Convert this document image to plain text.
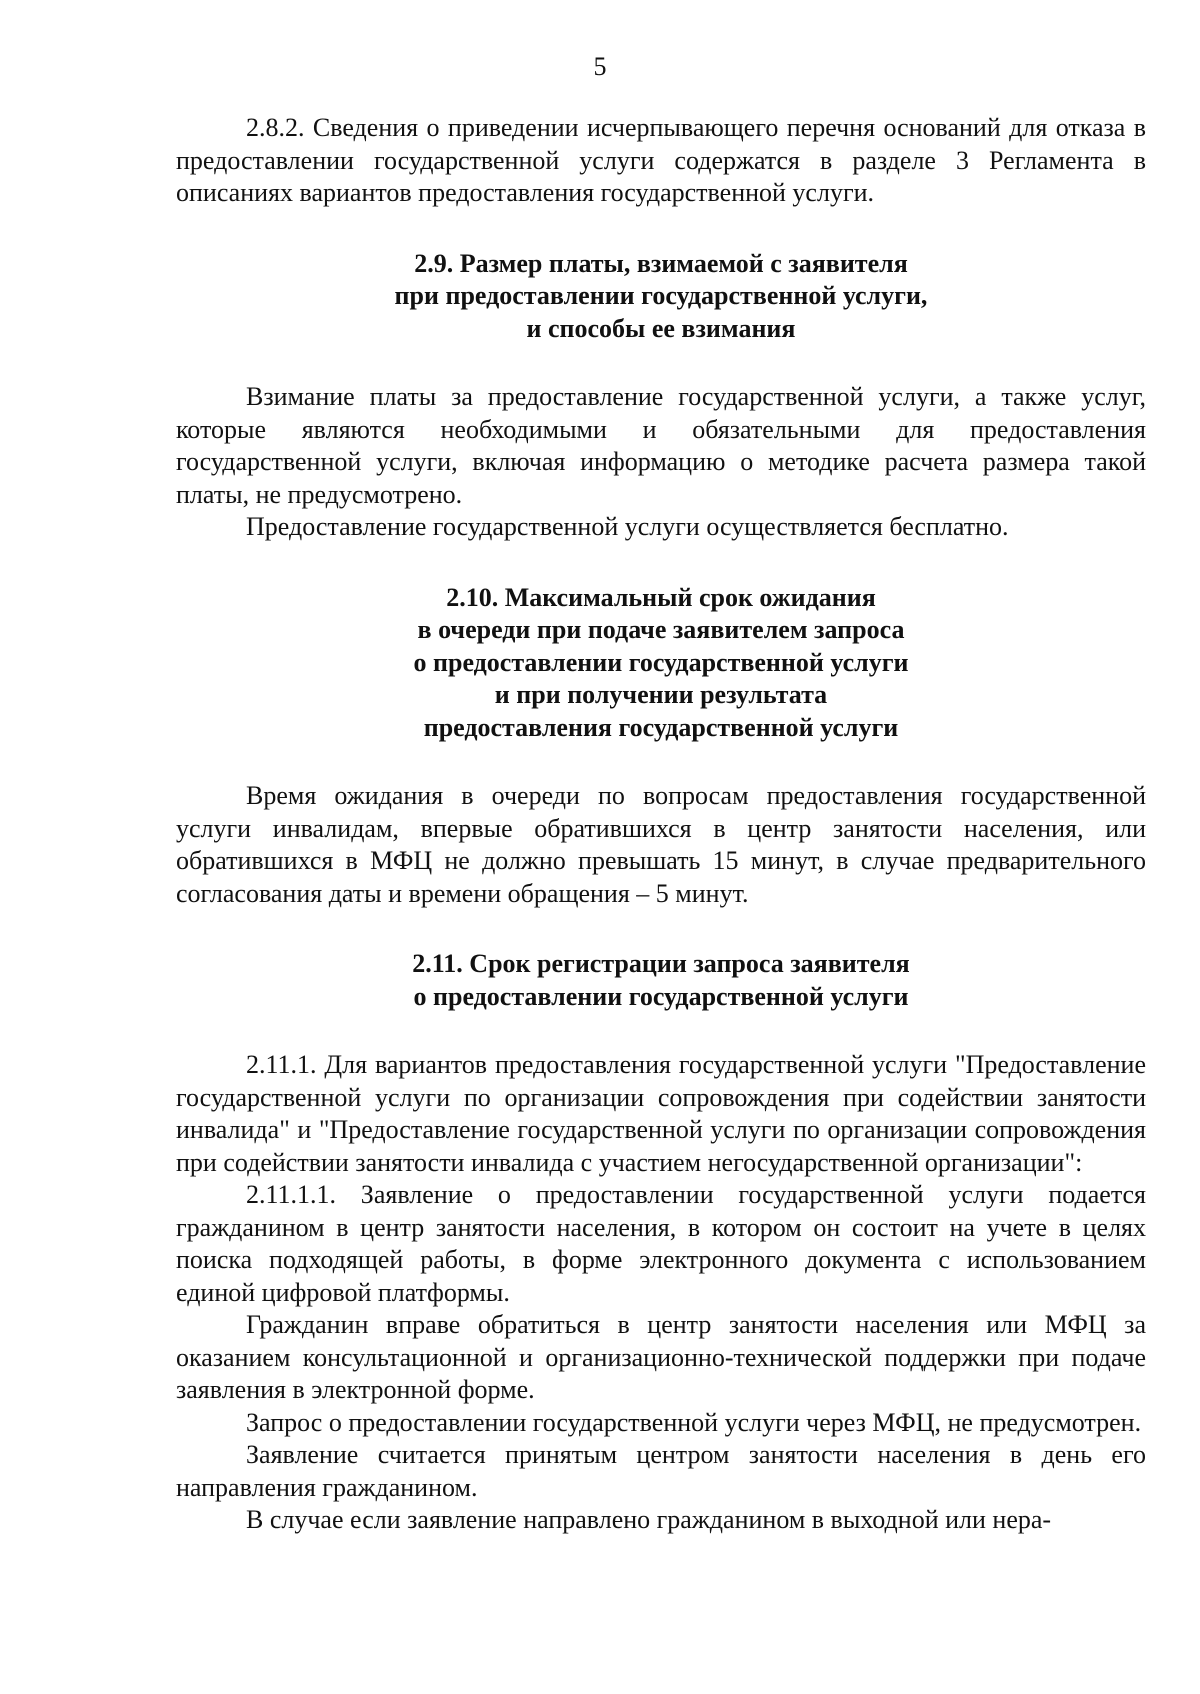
5

2.8.2. Сведения о приведении исчерпывающего перечня оснований для отказа в предоставлении государственной услуги содержатся в разделе 3 Регламента в описаниях вариантов предоставления государственной услуги.

2.9. Размер платы, взимаемой с заявителя
при предоставлении государственной услуги,
и способы ее взимания

Взимание платы за предоставление государственной услуги, а также услуг, которые являются необходимыми и обязательными для предоставления государственной услуги, включая информацию о методике расчета размера такой платы, не предусмотрено.

Предоставление государственной услуги осуществляется бесплатно.

2.10. Максимальный срок ожидания
в очереди при подаче заявителем запроса
о предоставлении государственной услуги
и при получении результата
предоставления государственной услуги

Время ожидания в очереди по вопросам предоставления государственной услуги инвалидам, впервые обратившихся в центр занятости населения, или обратившихся в МФЦ не должно превышать 15 минут, в случае предварительного согласования даты и времени обращения – 5 минут.

2.11. Срок регистрации запроса заявителя
о предоставлении государственной услуги

2.11.1. Для вариантов предоставления государственной услуги "Предоставление государственной услуги по организации сопровождения при содействии занятости инвалида" и "Предоставление государственной услуги по организации сопровождения при содействии занятости инвалида с участием негосударственной организации":

2.11.1.1. Заявление о предоставлении государственной услуги подается гражданином в центр занятости населения, в котором он состоит на учете в целях поиска подходящей работы, в форме электронного документа с использованием единой цифровой платформы.

Гражданин вправе обратиться в центр занятости населения или МФЦ за оказанием консультационной и организационно-технической поддержки при подаче заявления в электронной форме.

Запрос о предоставлении государственной услуги через МФЦ, не предусмотрен.

Заявление считается принятым центром занятости населения в день его направления гражданином.

В случае если заявление направлено гражданином в выходной или нера-
